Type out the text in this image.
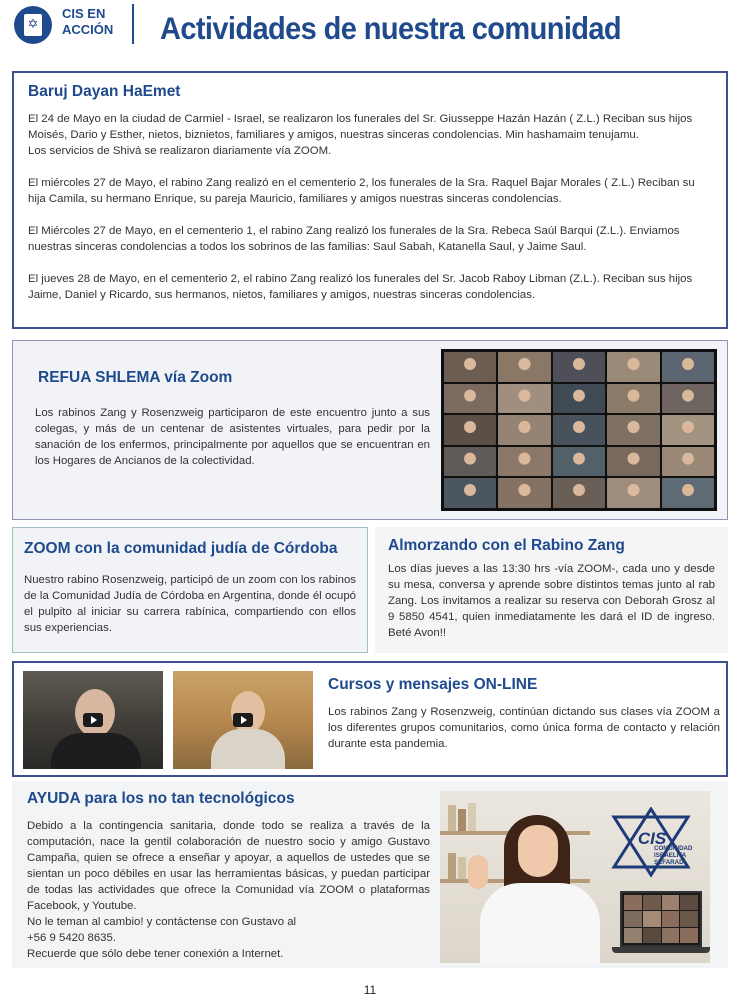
✡
CIS EN
ACCIÓN Actividades de nuestra comunidad
Baruj Dayan HaEmet

El 24 de Mayo en la ciudad de Carmiel - Israel, se realizaron los funerales del Sr. Giusseppe Hazán Hazán ( Z.L.) Reciban sus hijos Moisés, Dario y Esther, nietos, biznietos, familiares y amigos, nuestras sinceras condolencias. Min hashamaim tenujamu.

Los servicios de Shivá se realizaron diariamente vía ZOOM.

El miércoles 27 de Mayo, el rabino Zang realizó en el cementerio 2, los funerales de la Sra. Raquel Bajar Morales ( Z.L.) Reciban su hija Camila, su hermano Enrique, su pareja Mauricio, familiares y amigos nuestras sinceras condolencias.

El Miércoles 27 de Mayo, en el cementerio 1, el rabino Zang realizó los funerales de la Sra. Rebeca Saúl Barqui (Z.L.). Enviamos nuestras sinceras condolencias a todos los sobrinos de las familias: Saul Sabah, Katanella Saul, y Jaime Saul.

El jueves 28 de Mayo, en el cementerio 2, el rabino Zang realizó los funerales del Sr. Jacob Raboy Libman (Z.L.). Reciban sus hijos Jaime, Daniel y Ricardo, sus hermanos, nietos, familiares y amigos, nuestras sinceras condolencias.

REFUA SHLEMA vía Zoom
Los rabinos Zang y Rosenzweig participaron de este encuentro junto a sus colegas, y más de un centenar de asistentes virtuales, para pedir por la sanación de los enfermos, principalmente por aquellos que se encuentran en los Hogares de Ancianos de la colectividad.
ZOOM con la comunidad judía de Córdoba
Nuestro rabino Rosenzweig, participó de un zoom con los rabinos de la Comunidad Judía de Córdoba en Argentina, donde él ocupó el pulpito al iniciar su carrera rabínica, compartiendo con ellos sus experiencias.
Almorzando con el Rabino Zang
Los días jueves a las 13:30 hrs -vía ZOOM-, cada uno y desde su mesa, conversa y aprende sobre distintos temas junto al rab Zang. Los invitamos a realizar su reserva con Deborah Grosz al 9 5850 4541, quien inmediatamente les dará el ID de ingreso. Beté Avon!!
Cursos y mensajes ON-LINE
Los rabinos Zang y Rosenzweig, continúan dictando sus clases vía ZOOM a los diferentes grupos comunitarios, como única forma de contacto y relación durante esta pandemia.
AYUDA para los no tan tecnológicos

Debido a la contingencia sanitaria, donde todo se realiza a través de la computación, nace la gentil colaboración de nuestro socio y amigo Gustavo Campaña, quien se ofrece a enseñar y apoyar, a aquellos de ustedes que se sientan un poco débiles en usar las herramientas básicas, y puedan participar de todas las actividades que ofrece la Comunidad vía ZOOM o plataformas Facebook, y Youtube.

No le teman al cambio! y contáctense con Gustavo al

+56 9 5420 8635.

Recuerde que sólo debe tener conexión a Internet.

CIS
COMUNIDAD
ISRAELITA
SEFARADÍ
11
